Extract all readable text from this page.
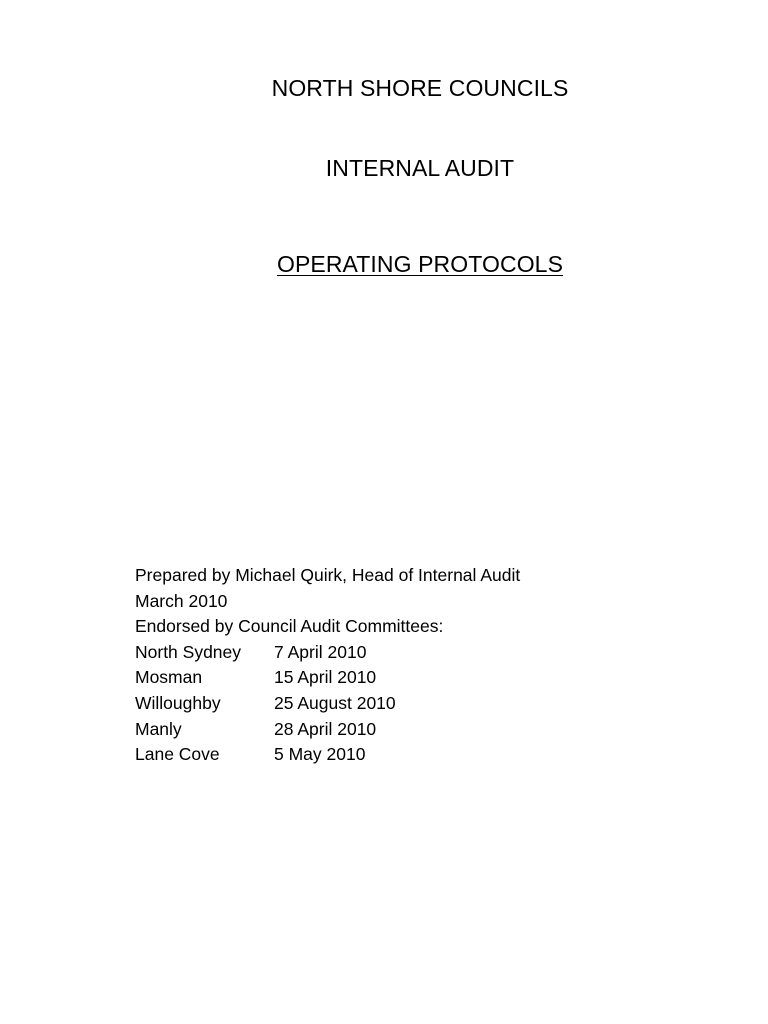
NORTH SHORE COUNCILS
INTERNAL AUDIT
OPERATING PROTOCOLS
Prepared by Michael Quirk, Head of Internal Audit
March 2010
Endorsed by Council Audit Committees:
North Sydney	7 April 2010
Mosman	15 April 2010
Willoughby	25 August 2010
Manly	28 April 2010
Lane Cove	5 May 2010
